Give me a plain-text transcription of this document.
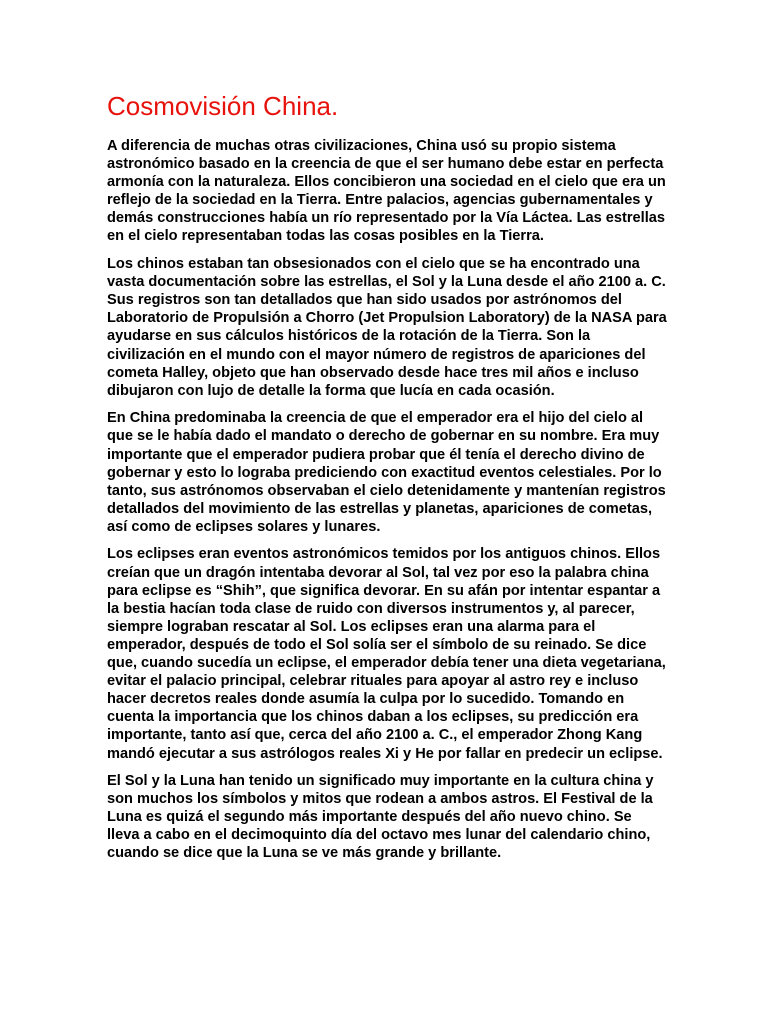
Cosmovisión China.

A diferencia de muchas otras civilizaciones, China usó su propio sistema astronómico basado en la creencia de que el ser humano debe estar en perfecta armonía con la naturaleza. Ellos concibieron una sociedad en el cielo que era un reflejo de la sociedad en la Tierra. Entre palacios, agencias gubernamentales y demás construcciones había un río representado por la Vía Láctea. Las estrellas en el cielo representaban todas las cosas posibles en la Tierra.

Los chinos estaban tan obsesionados con el cielo que se ha encontrado una vasta documentación sobre las estrellas, el Sol y la Luna desde el año 2100 a. C. Sus registros son tan detallados que han sido usados por astrónomos del Laboratorio de Propulsión a Chorro (Jet Propulsion Laboratory) de la NASA para ayudarse en sus cálculos históricos de la rotación de la Tierra. Son la civilización en el mundo con el mayor número de registros de apariciones del cometa Halley, objeto que han observado desde hace tres mil años e incluso dibujaron con lujo de detalle la forma que lucía en cada ocasión.

En China predominaba la creencia de que el emperador era el hijo del cielo al que se le había dado el mandato o derecho de gobernar en su nombre. Era muy importante que el emperador pudiera probar que él tenía el derecho divino de gobernar y esto lo lograba prediciendo con exactitud eventos celestiales. Por lo tanto, sus astrónomos observaban el cielo detenidamente y mantenían registros detallados del movimiento de las estrellas y planetas, apariciones de cometas, así como de eclipses solares y lunares.

Los eclipses eran eventos astronómicos temidos por los antiguos chinos. Ellos creían que un dragón intentaba devorar al Sol, tal vez por eso la palabra china para eclipse es “Shih”, que significa devorar. En su afán por intentar espantar a la bestia hacían toda clase de ruido con diversos instrumentos y, al parecer, siempre lograban rescatar al Sol. Los eclipses eran una alarma para el emperador, después de todo el Sol solía ser el símbolo de su reinado. Se dice que, cuando sucedía un eclipse, el emperador debía tener una dieta vegetariana, evitar el palacio principal, celebrar rituales para apoyar al astro rey e incluso hacer decretos reales donde asumía la culpa por lo sucedido. Tomando en cuenta la importancia que los chinos daban a los eclipses, su predicción era importante, tanto así que, cerca del año 2100 a. C., el emperador Zhong Kang mandó ejecutar a sus astrólogos reales Xi y He por fallar en predecir un eclipse.

El Sol y la Luna han tenido un significado muy importante en la cultura china y son muchos los símbolos y mitos que rodean a ambos astros. El Festival de la Luna es quizá el segundo más importante después del año nuevo chino. Se lleva a cabo en el decimoquinto día del octavo mes lunar del calendario chino, cuando se dice que la Luna se ve más grande y brillante.
